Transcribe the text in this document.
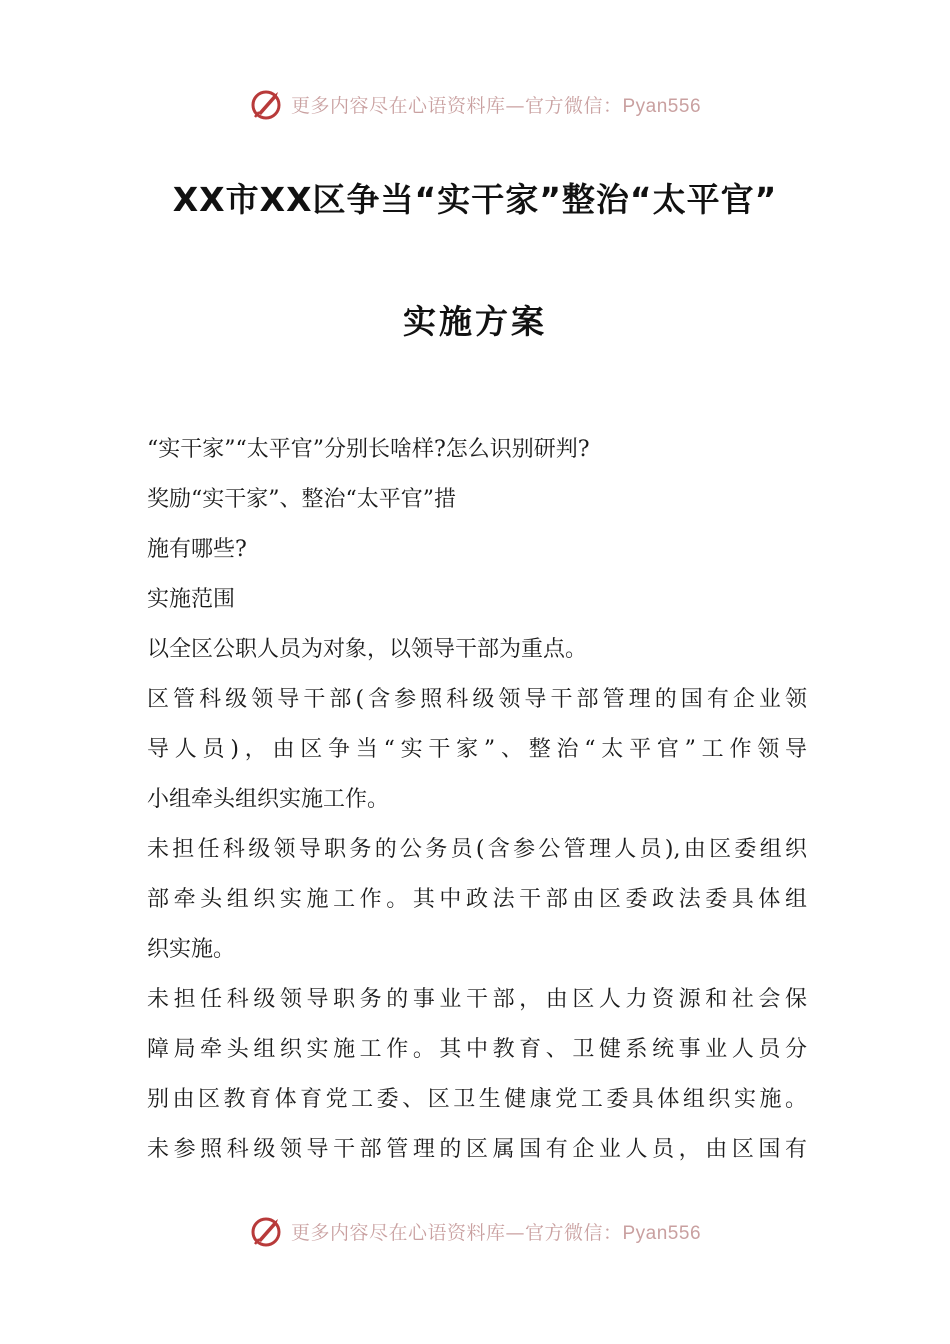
更多内容尽在心语资料库—官方微信：Pyan556
XX市XX区争当“实干家”整治“太平官”
实施方案
“实干家”“太平官”分别长啥样?怎么识别研判?
奖励“实干家”、整治“太平官”措
施有哪些?
实施范围
以全区公职人员为对象，以领导干部为重点。
区管科级领导干部(含参照科级领导干部管理的国有企业领
导人员)，由区争当“实干家”、整治“太平官”工作领导
小组牵头组织实施工作。
未担任科级领导职务的公务员(含参公管理人员),由区委组织
部牵头组织实施工作。其中政法干部由区委政法委具体组
织实施。
未担任科级领导职务的事业干部，由区人力资源和社会保
障局牵头组织实施工作。其中教育、卫健系统事业人员分
别由区教育体育党工委、区卫生健康党工委具体组织实施。
未参照科级领导干部管理的区属国有企业人员，由区国有
更多内容尽在心语资料库—官方微信：Pyan556
